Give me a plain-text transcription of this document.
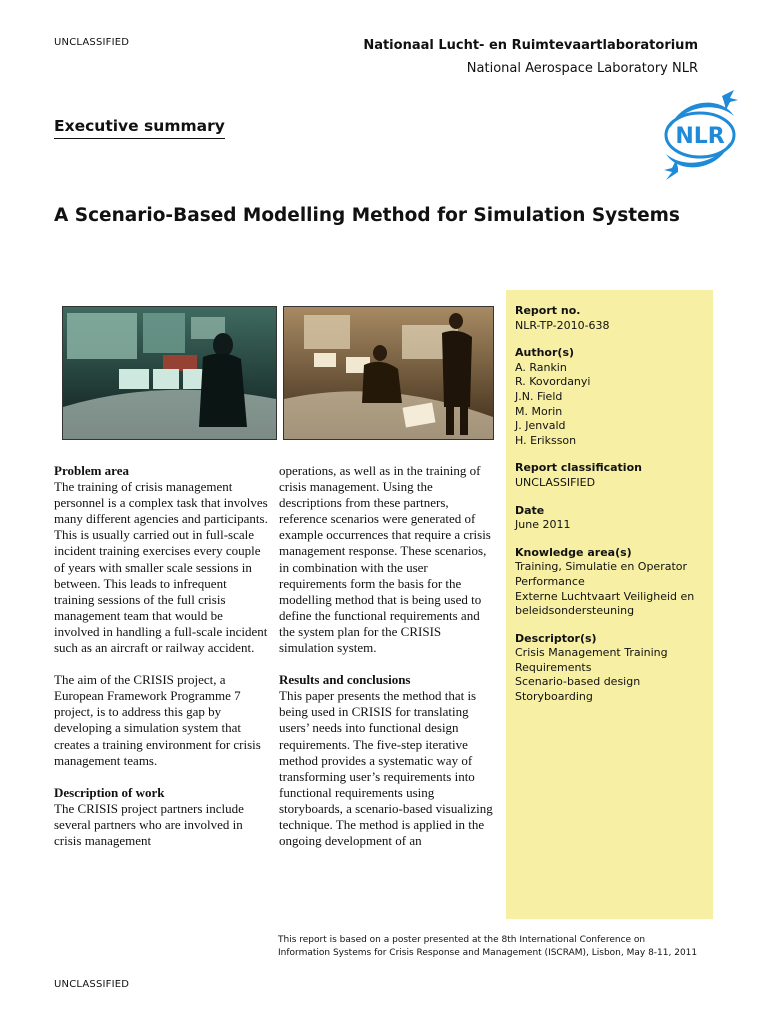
UNCLASSIFIED	Nationaal Lucht- en Ruimtevaartlaboratorium
National Aerospace Laboratory NLR
Executive summary	NLR
A Scenario-Based Modelling Method for Simulation Systems
Problem area

The training of crisis management personnel is a complex task that involves many different agencies and participants. This is usually carried out in full-scale incident training exercises every couple of years with smaller scale sessions in between. This leads to infrequent training sessions of the full crisis management team that would be involved in handling a full-scale incident such as an aircraft or railway accident.

The aim of the CRISIS project, a European Framework Programme 7 project, is to address this gap by developing a simulation system that creates a training environment for crisis management teams.

Description of work

The CRISIS project partners include several partners who are involved in crisis management

operations, as well as in the training of crisis management. Using the descriptions from these partners, reference scenarios were generated of example occurrences that require a crisis management response. These scenarios, in combination with the user requirements form the basis for the modelling method that is being used to define the functional requirements and the system plan for the CRISIS simulation system.

Results and conclusions

This paper presents the method that is being used in CRISIS for translating users’ needs into functional design requirements. The five-step iterative method provides a systematic way of transforming user’s requirements into functional requirements using storyboards, a scenario-based visualizing technique. The method is applied in the ongoing development of an

Report no.
NLR-TP-2010-638
Author(s)
A. Rankin
R. Kovordanyi
J.N. Field
M. Morin
J. Jenvald
H. Eriksson
Report classification
UNCLASSIFIED
Date
June 2011
Knowledge area(s)
Training, Simulatie en Operator Performance
Externe Luchtvaart Veiligheid en beleidsondersteuning
Descriptor(s)
Crisis Management Training Requirements
Scenario-based design
Storyboarding
This report is based on a poster presented at the 8th International Conference on Information Systems for Crisis Response and Management (ISCRAM), Lisbon, May 8-11, 2011
UNCLASSIFIED
